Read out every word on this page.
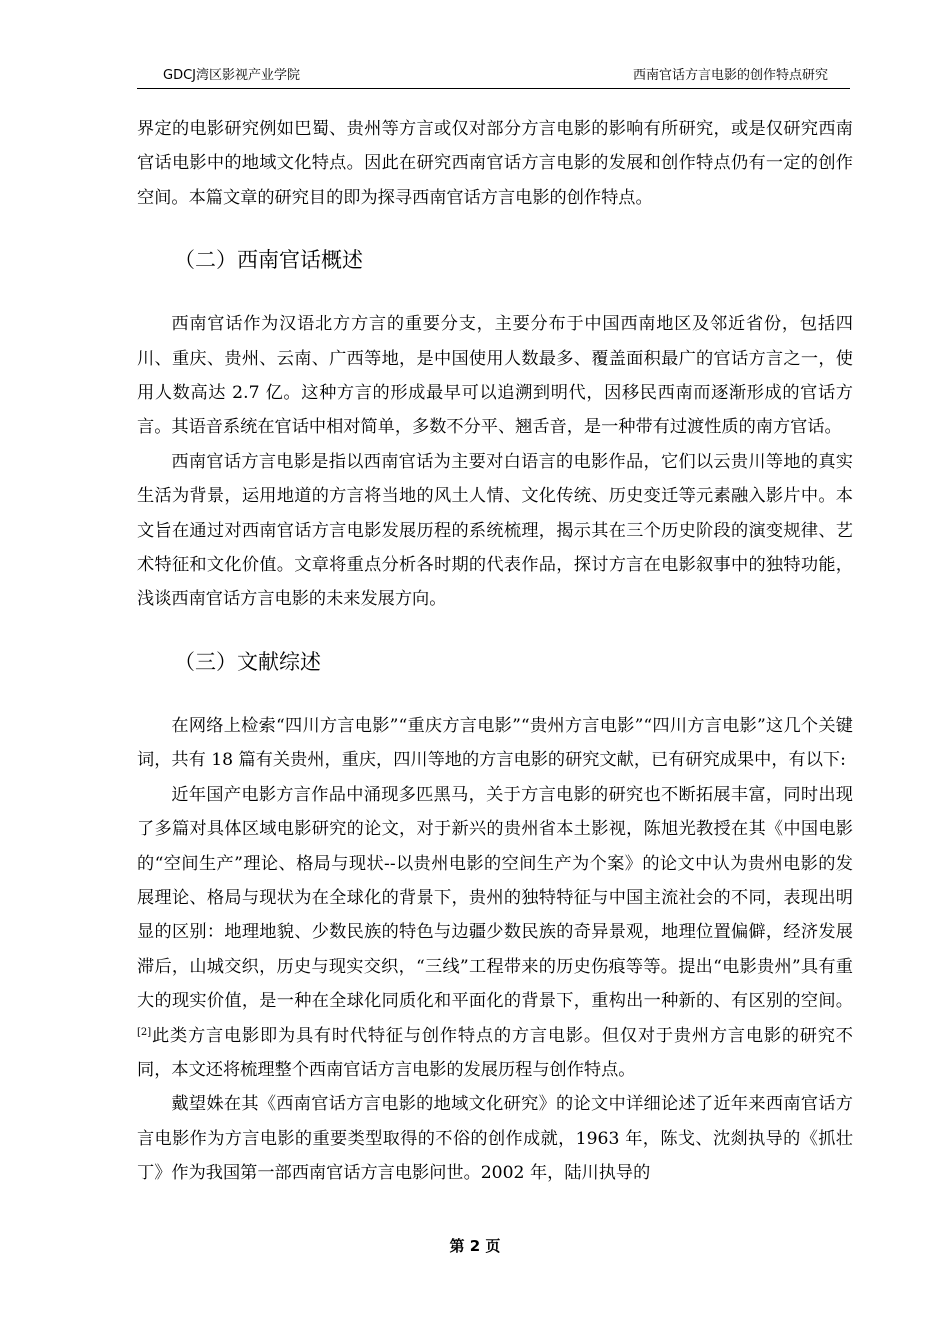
GDCJ湾区影视产业学院	西南官话方言电影的创作特点研究

界定的电影研究例如巴蜀、贵州等方言或仅对部分方言电影的影响有所研究，或是仅研究西南官话电影中的地域文化特点。因此在研究西南官话方言电影的发展和创作特点仍有一定的创作空间。本篇文章的研究目的即为探寻西南官话方言电影的创作特点。

（二）西南官话概述

西南官话作为汉语北方方言的重要分支，主要分布于中国西南地区及邻近省份，包括四川、重庆、贵州、云南、广西等地，是中国使用人数最多、覆盖面积最广的官话方言之一，使用人数高达 2.7 亿。这种方言的形成最早可以追溯到明代，因移民西南而逐渐形成的官话方言。其语音系统在官话中相对简单，多数不分平、翘舌音，是一种带有过渡性质的南方官话。

西南官话方言电影是指以西南官话为主要对白语言的电影作品，它们以云贵川等地的真实生活为背景，运用地道的方言将当地的风土人情、文化传统、历史变迁等元素融入影片中。本文旨在通过对西南官话方言电影发展历程的系统梳理，揭示其在三个历史阶段的演变规律、艺术特征和文化价值。文章将重点分析各时期的代表作品，探讨方言在电影叙事中的独特功能，浅谈西南官话方言电影的未来发展方向。

（三）文献综述

在网络上检索“四川方言电影”“重庆方言电影”“贵州方言电影”“四川方言电影”这几个关键词，共有 18 篇有关贵州，重庆，四川等地的方言电影的研究文献，已有研究成果中，有以下:

近年国产电影方言作品中涌现多匹黑马，关于方言电影的研究也不断拓展丰富，同时出现了多篇对具体区域电影研究的论文，对于新兴的贵州省本土影视，陈旭光教授在其《中国电影的“空间生产”理论、格局与现状--以贵州电影的空间生产为个案》的论文中认为贵州电影的发展理论、格局与现状为在全球化的背景下，贵州的独特特征与中国主流社会的不同，表现出明显的区别：地理地貌、少数民族的特色与边疆少数民族的奇异景观，地理位置偏僻，经济发展滞后，山城交织，历史与现实交织，“三线”工程带来的历史伤痕等等。提出“电影贵州”具有重大的现实价值，是一种在全球化同质化和平面化的背景下，重构出一种新的、有区别的空间。[2]此类方言电影即为具有时代特征与创作特点的方言电影。但仅对于贵州方言电影的研究不同，本文还将梳理整个西南官话方言电影的发展历程与创作特点。

戴望姝在其《西南官话方言电影的地域文化研究》的论文中详细论述了近年来西南官话方言电影作为方言电影的重要类型取得的不俗的创作成就，1963 年，陈戈、沈剡执导的《抓壮丁》作为我国第一部西南官话方言电影问世。2002 年，陆川执导的

第 2 页
